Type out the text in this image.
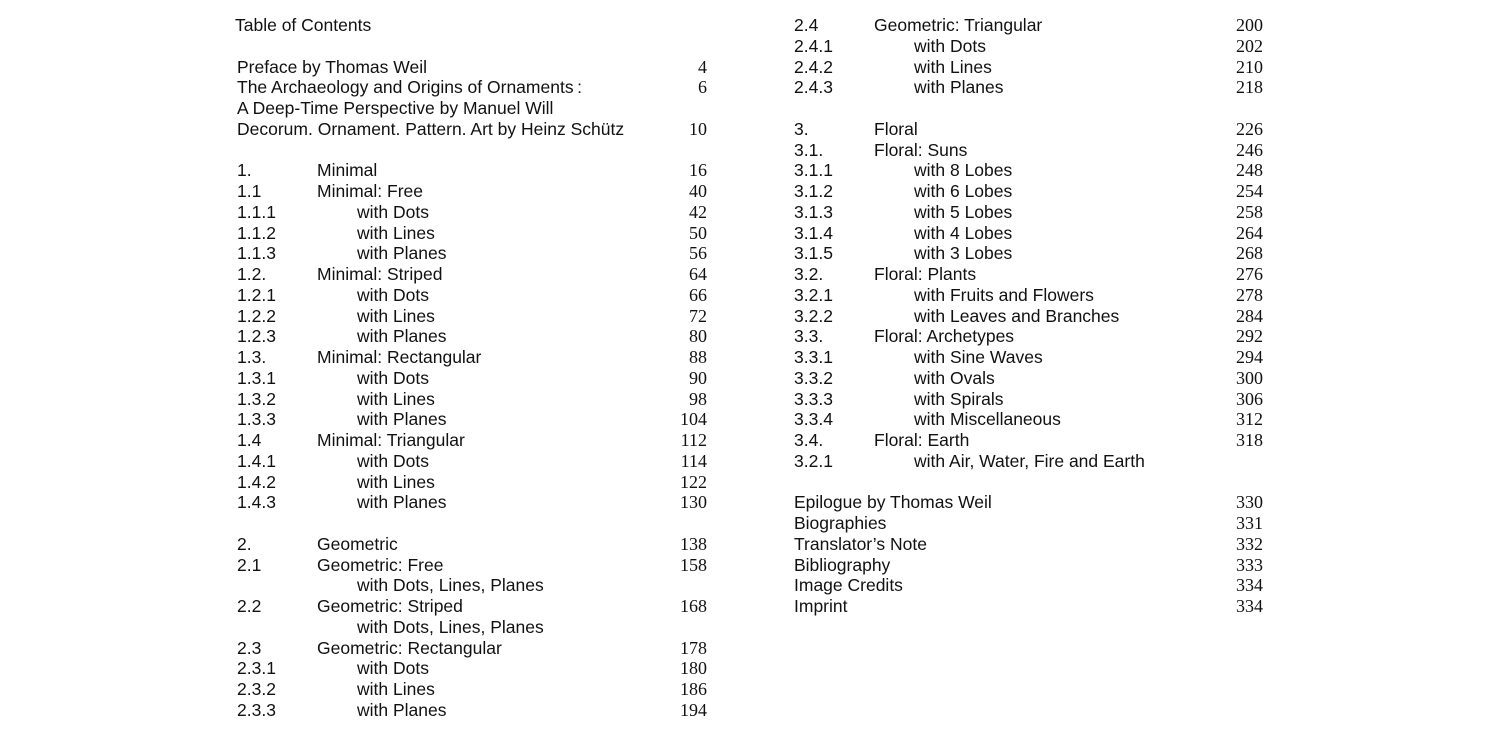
Table of Contents
Preface by Thomas Weil	4
The Archaeology and Origins of Ornaments :	6
A Deep-Time Perspective by Manuel Will
Decorum. Ornament. Pattern. Art by Heinz Schütz	10
1.	Minimal	16
1.1	Minimal: Free	40
1.1.1	with Dots	42
1.1.2	with Lines	50
1.1.3	with Planes	56
1.2.	Minimal: Striped	64
1.2.1	with Dots	66
1.2.2	with Lines	72
1.2.3	with Planes	80
1.3.	Minimal: Rectangular	88
1.3.1	with Dots	90
1.3.2	with Lines	98
1.3.3	with Planes	104
1.4	Minimal: Triangular	112
1.4.1	with Dots	114
1.4.2	with Lines	122
1.4.3	with Planes	130
2.	Geometric	138
2.1	Geometric: Free	158
with Dots, Lines, Planes
2.2	Geometric: Striped	168
with Dots, Lines, Planes
2.3	Geometric: Rectangular	178
2.3.1	with Dots	180
2.3.2	with Lines	186
2.3.3	with Planes	194
2.4	Geometric: Triangular	200
2.4.1	with Dots	202
2.4.2	with Lines	210
2.4.3	with Planes	218
3.	Floral	226
3.1.	Floral: Suns	246
3.1.1	with 8 Lobes	248
3.1.2	with 6 Lobes	254
3.1.3	with 5 Lobes	258
3.1.4	with 4 Lobes	264
3.1.5	with 3 Lobes	268
3.2.	Floral: Plants	276
3.2.1	with Fruits and Flowers	278
3.2.2	with Leaves and Branches	284
3.3.	Floral: Archetypes	292
3.3.1	with Sine Waves	294
3.3.2	with Ovals	300
3.3.3	with Spirals	306
3.3.4	with Miscellaneous	312
3.4.	Floral: Earth	318
3.2.1	with Air, Water, Fire and Earth
Epilogue by Thomas Weil	330
Biographies	331
Translator’s Note	332
Bibliography	333
Image Credits	334
Imprint	334
